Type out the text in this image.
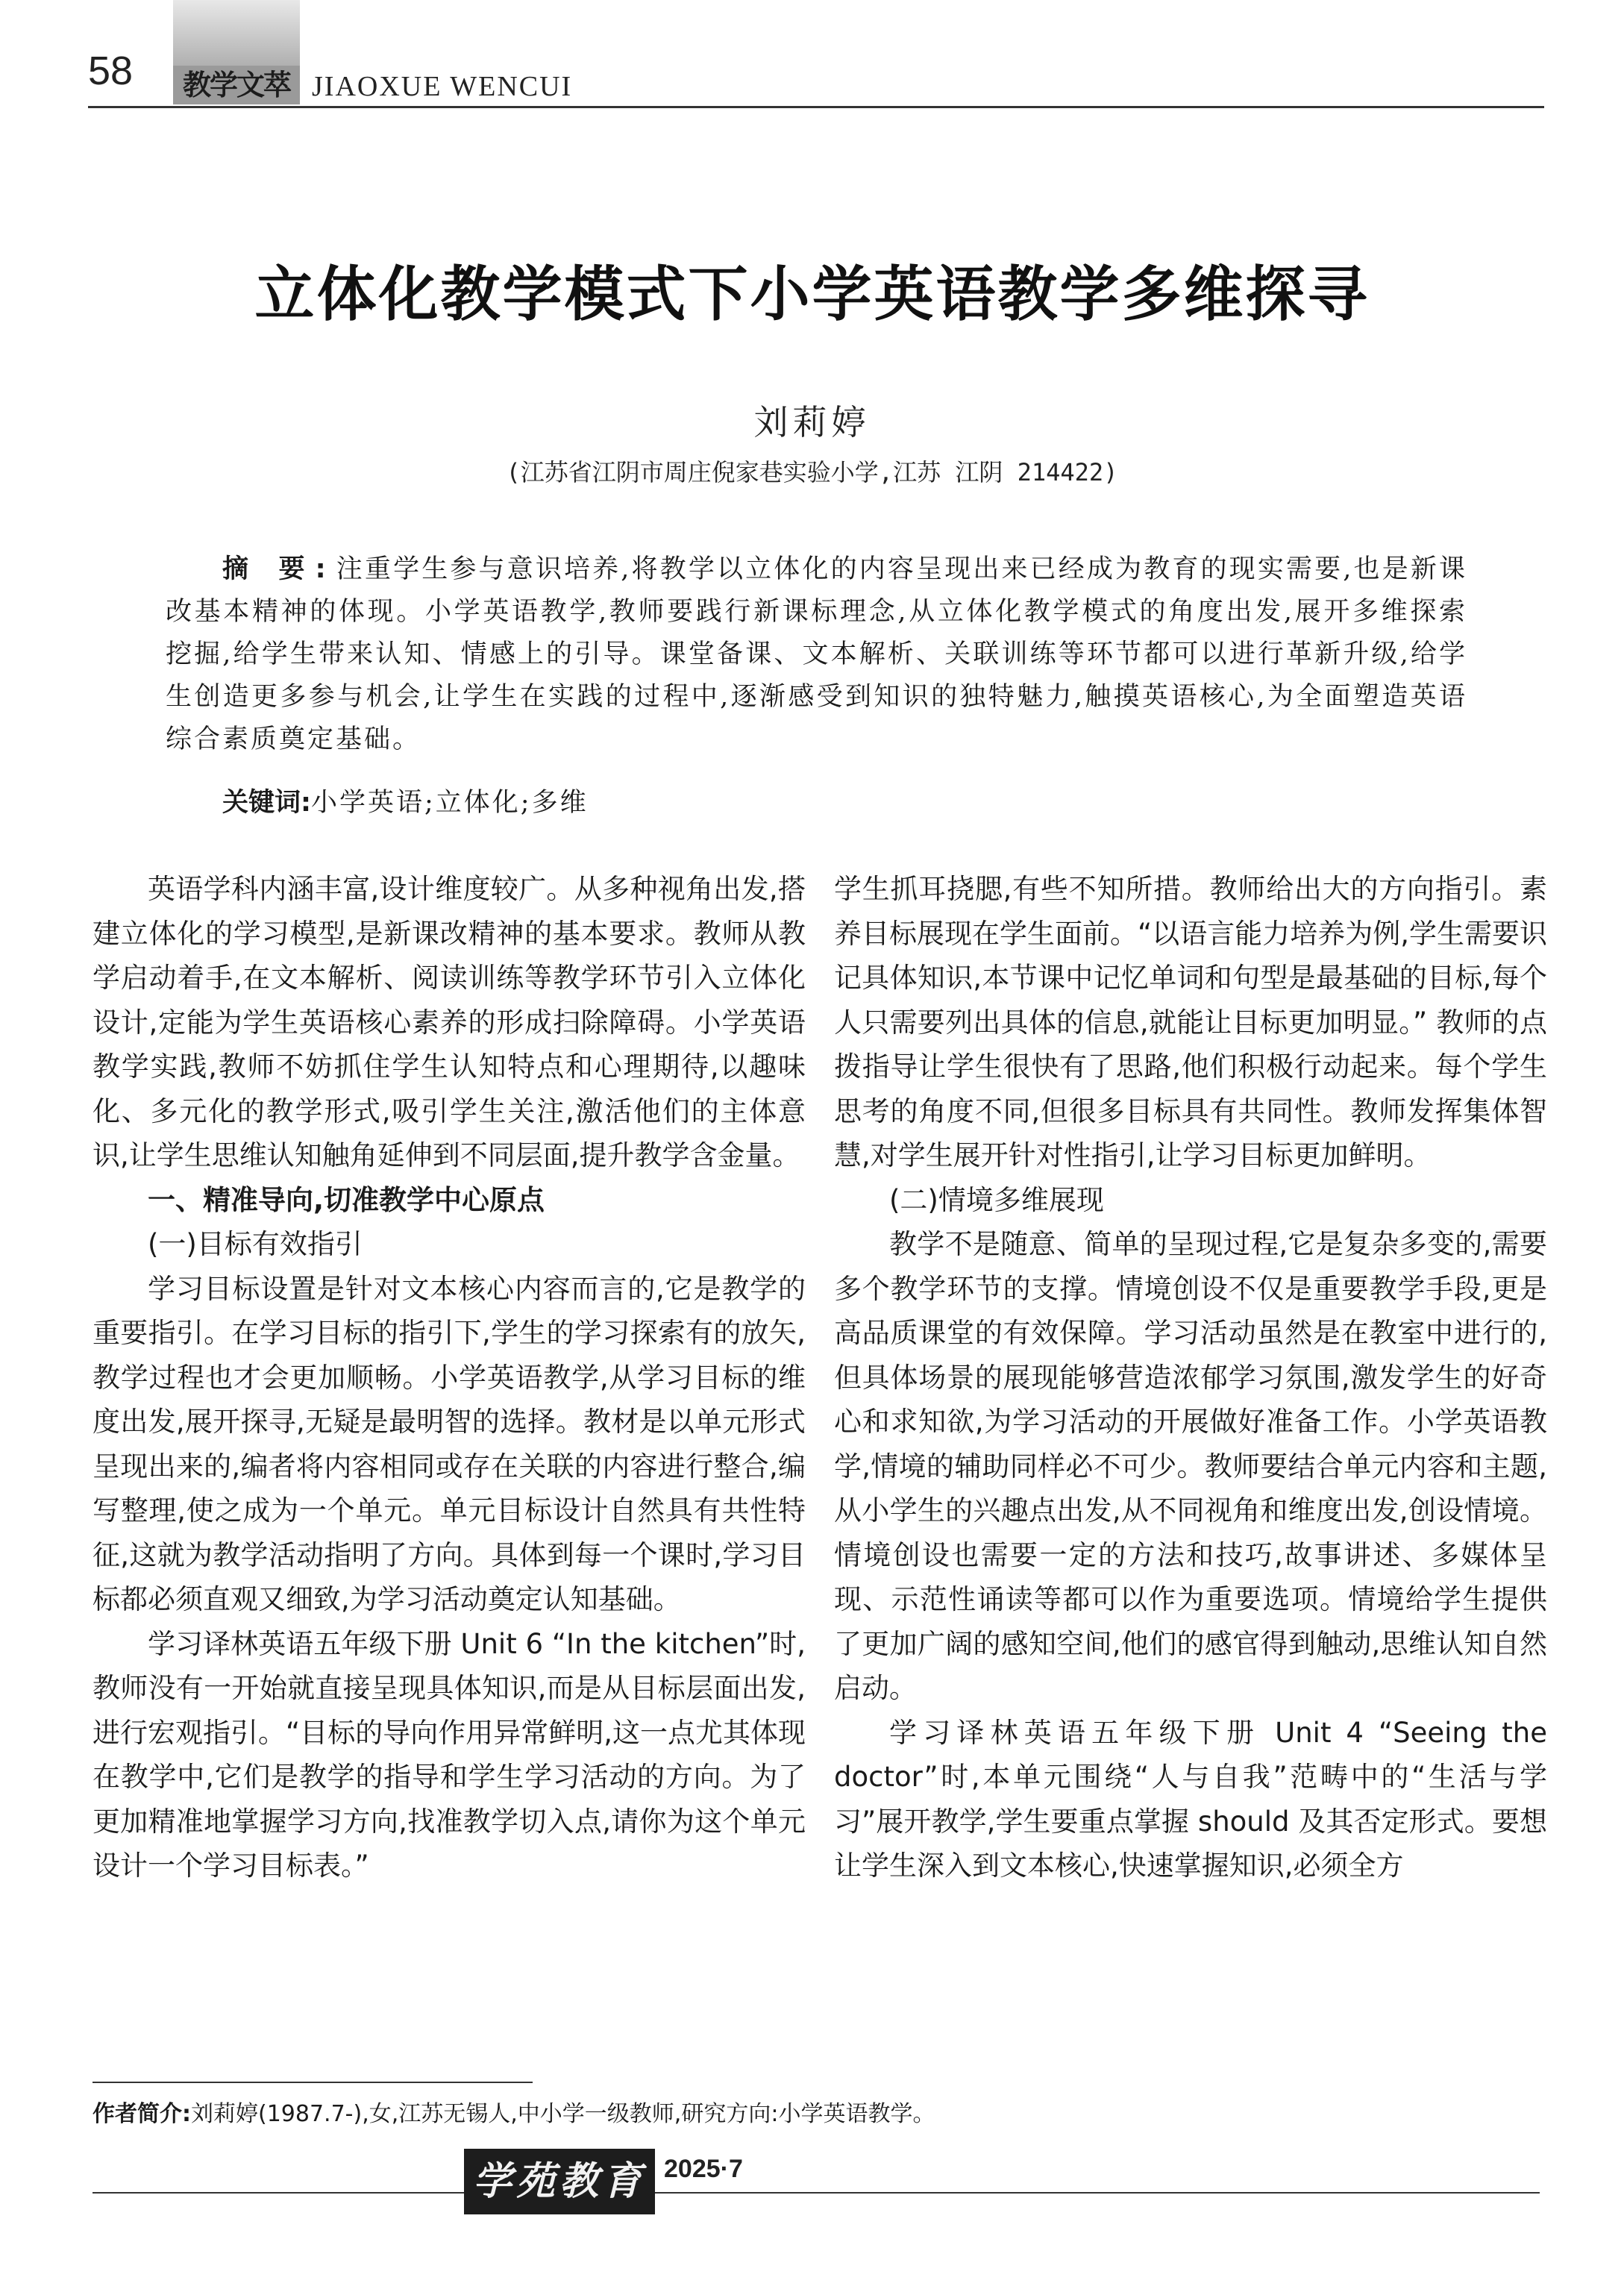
58	教学文萃 JIAOXUE WENCUI
立体化教学模式下小学英语教学多维探寻
刘莉婷
(江苏省江阴市周庄倪家巷实验小学,江苏 江阴 214422)
摘 要:注重学生参与意识培养,将教学以立体化的内容呈现出来已经成为教育的现实需要,也是新课改基本精神的体现。小学英语教学,教师要践行新课标理念,从立体化教学模式的角度出发,展开多维探索挖掘,给学生带来认知、情感上的引导。课堂备课、文本解析、关联训练等环节都可以进行革新升级,给学生创造更多参与机会,让学生在实践的过程中,逐渐感受到知识的独特魅力,触摸英语核心,为全面塑造英语综合素质奠定基础。
关键词:小学英语;立体化;多维

英语学科内涵丰富,设计维度较广。从多种视角出发,搭建立体化的学习模型,是新课改精神的基本要求。教师从教学启动着手,在文本解析、阅读训练等教学环节引入立体化设计,定能为学生英语核心素养的形成扫除障碍。小学英语教学实践,教师不妨抓住学生认知特点和心理期待,以趣味化、多元化的教学形式,吸引学生关注,激活他们的主体意识,让学生思维认知触角延伸到不同层面,提升教学含金量。

一、精准导向,切准教学中心原点
(一)目标有效指引

学习目标设置是针对文本核心内容而言的,它是教学的重要指引。在学习目标的指引下,学生的学习探索有的放矢,教学过程也才会更加顺畅。小学英语教学,从学习目标的维度出发,展开探寻,无疑是最明智的选择。教材是以单元形式呈现出来的,编者将内容相同或存在关联的内容进行整合,编写整理,使之成为一个单元。单元目标设计自然具有共性特征,这就为教学活动指明了方向。具体到每一个课时,学习目标都必须直观又细致,为学习活动奠定认知基础。

学习译林英语五年级下册 Unit 6 “In the kitchen”时,教师没有一开始就直接呈现具体知识,而是从目标层面出发,进行宏观指引。“目标的导向作用异常鲜明,这一点尤其体现在教学中,它们是教学的指导和学生学习活动的方向。为了更加精准地掌握学习方向,找准教学切入点,请你为这个单元设计一个学习目标表。”

学生抓耳挠腮,有些不知所措。教师给出大的方向指引。素养目标展现在学生面前。“以语言能力培养为例,学生需要识记具体知识,本节课中记忆单词和句型是最基础的目标,每个人只需要列出具体的信息,就能让目标更加明显。” 教师的点拨指导让学生很快有了思路,他们积极行动起来。每个学生思考的角度不同,但很多目标具有共同性。教师发挥集体智慧,对学生展开针对性指引,让学习目标更加鲜明。

(二)情境多维展现

教学不是随意、简单的呈现过程,它是复杂多变的,需要多个教学环节的支撑。情境创设不仅是重要教学手段,更是高品质课堂的有效保障。学习活动虽然是在教室中进行的,但具体场景的展现能够营造浓郁学习氛围,激发学生的好奇心和求知欲,为学习活动的开展做好准备工作。小学英语教学,情境的辅助同样必不可少。教师要结合单元内容和主题,从小学生的兴趣点出发,从不同视角和维度出发,创设情境。情境创设也需要一定的方法和技巧,故事讲述、多媒体呈现、示范性诵读等都可以作为重要选项。情境给学生提供了更加广阔的感知空间,他们的感官得到触动,思维认知自然启动。

学习译林英语五年级下册 Unit 4 “Seeing the doctor”时,本单元围绕“人与自我”范畴中的“生活与学习”展开教学,学生要重点掌握 should 及其否定形式。要想让学生深入到文本核心,快速掌握知识,必须全方

作者简介:刘莉婷(1987.7-),女,江苏无锡人,中小学一级教师,研究方向:小学英语教学。
学苑教育 2025·7
